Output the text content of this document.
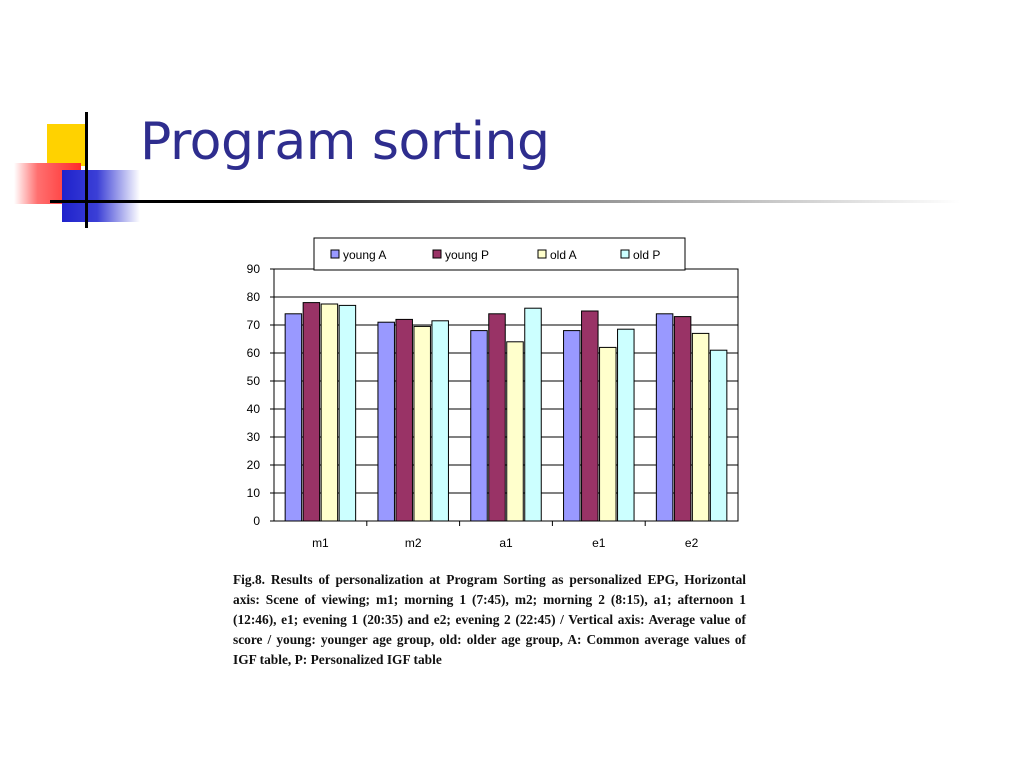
Program sorting
0
10
20
30
40
50
60
70
80
90
m1	m2	a1	e1	e2
young A	young P	old A	old P

Fig.8. Results of personalization at Program Sorting as personalized EPG, Horizontal axis: Scene of viewing; m1; morning 1 (7:45), m2; morning 2 (8:15), a1; afternoon 1 (12:46), e1; evening 1 (20:35) and e2; evening 2 (22:45) / Vertical axis: Average value of score / young: younger age group, old: older age group, A: Common average values of IGF table, P: Personalized IGF table
